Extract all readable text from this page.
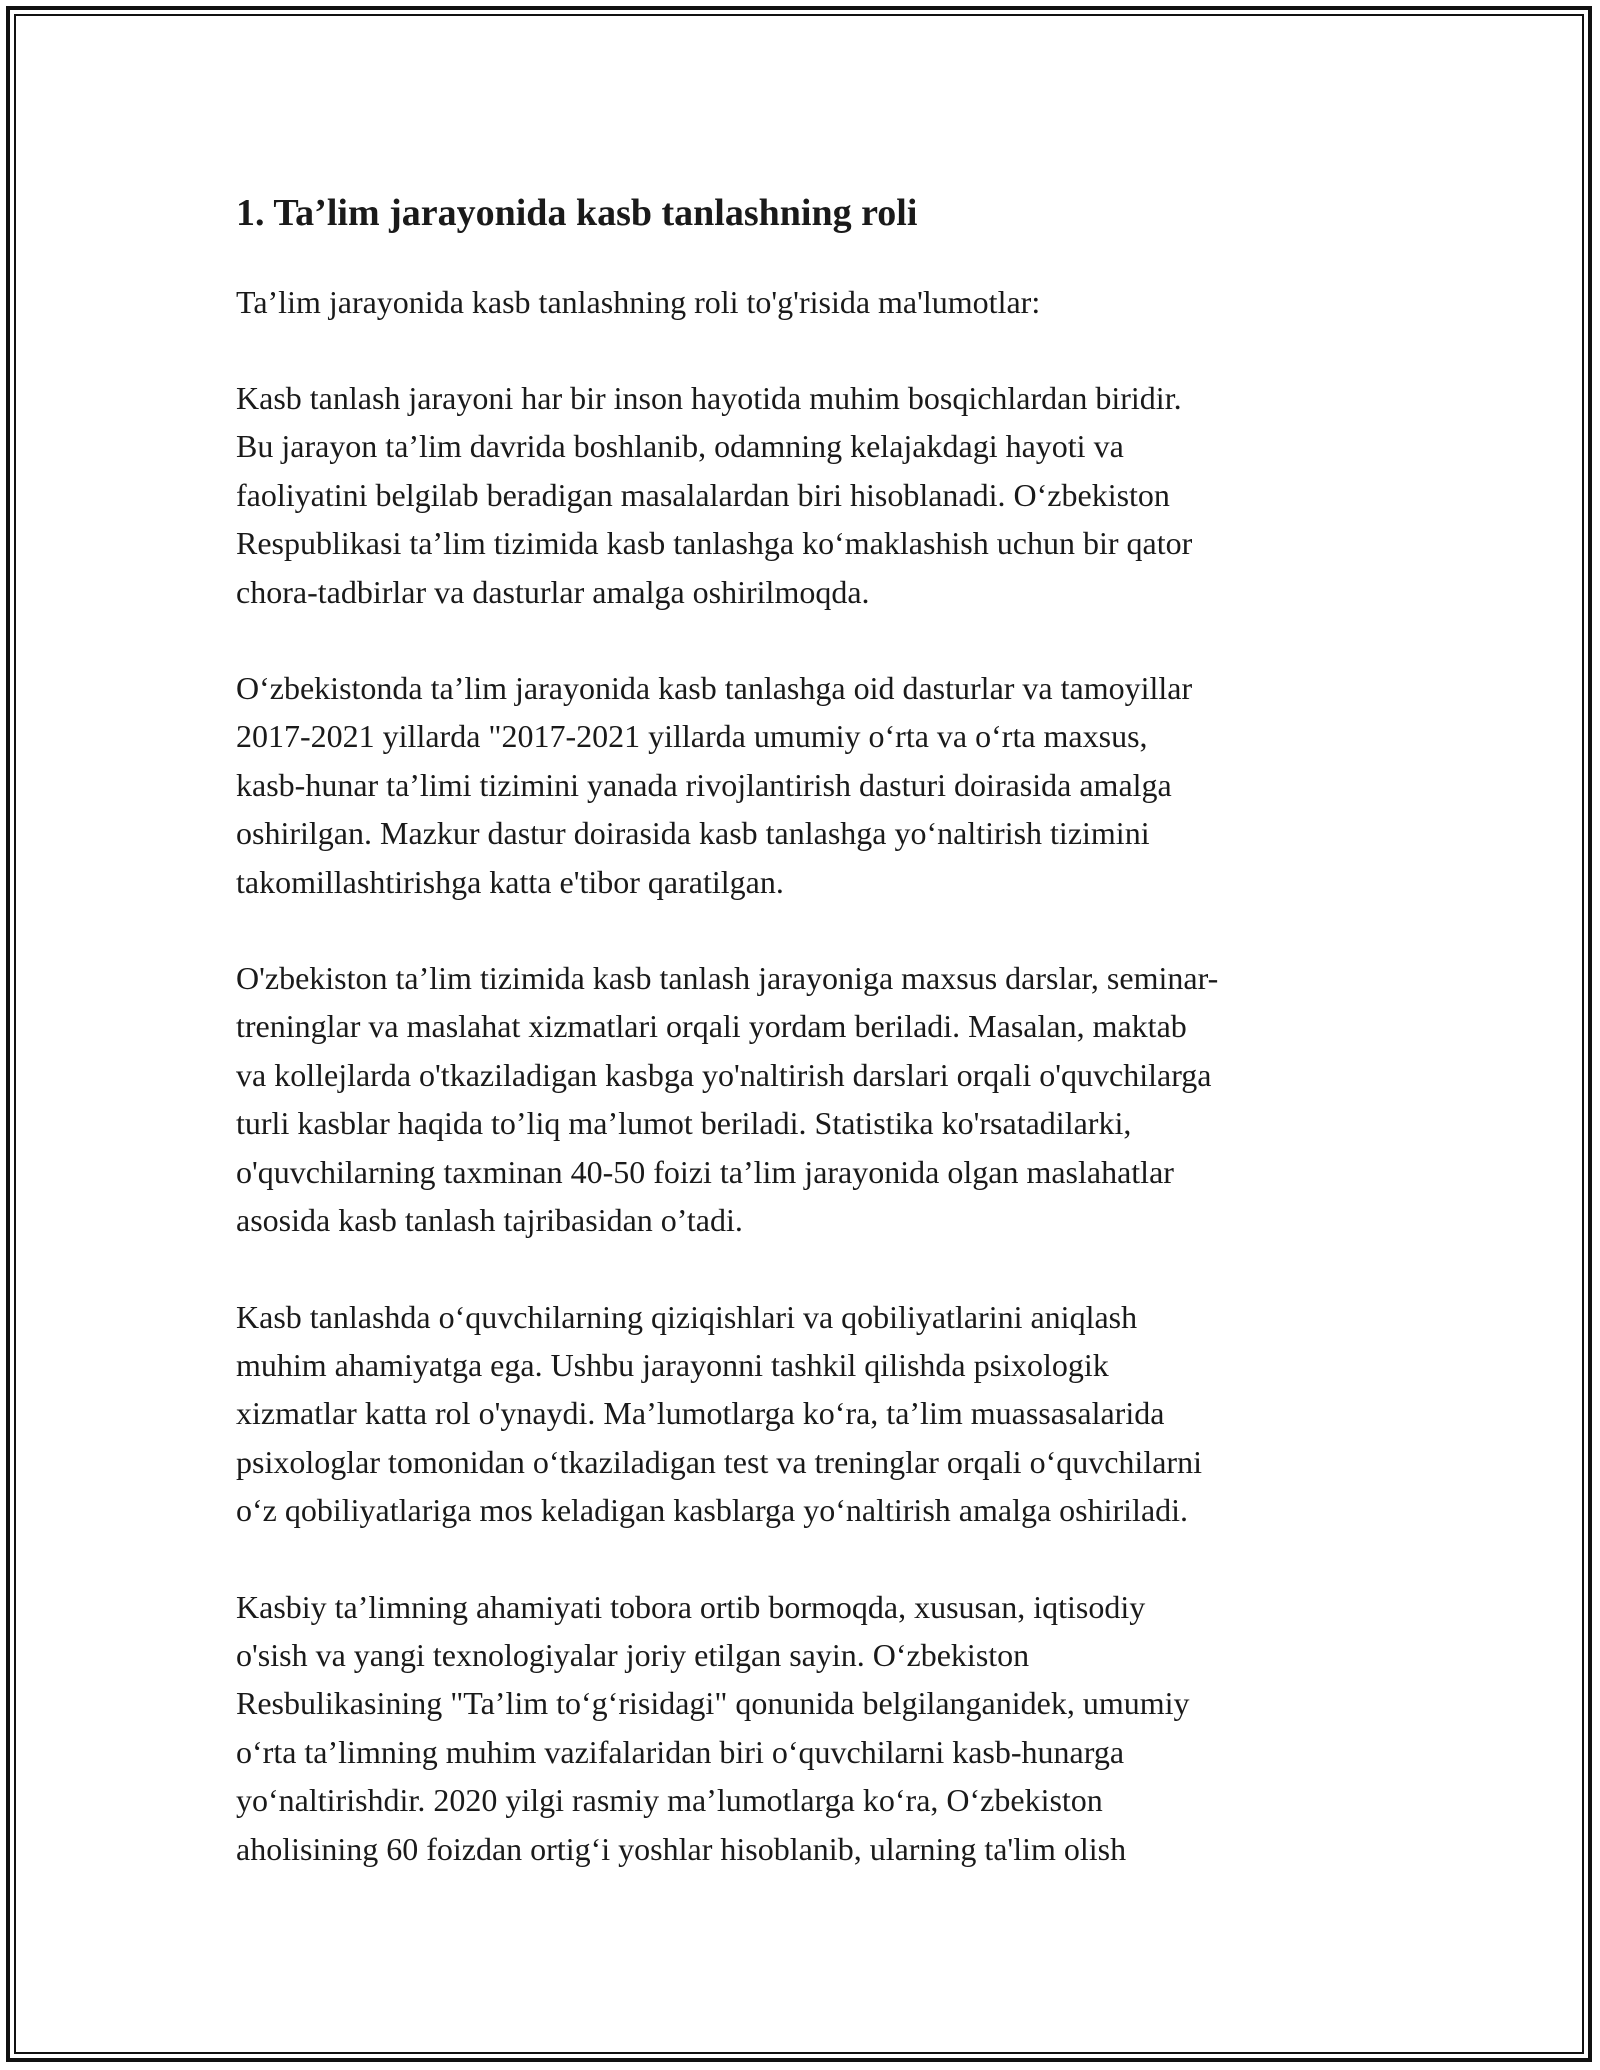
1. Ta’lim jarayonida kasb tanlashning roli

Ta’lim jarayonida kasb tanlashning roli to'g'risida ma'lumotlar:

Kasb tanlash jarayoni har bir inson hayotida muhim bosqichlardan biridir.
Bu jarayon ta’lim davrida boshlanib, odamning kelajakdagi hayoti va
faoliyatini belgilab beradigan masalalardan biri hisoblanadi. O‘zbekiston
Respublikasi ta’lim tizimida kasb tanlashga ko‘maklashish uchun bir qator
chora-tadbirlar va dasturlar amalga oshirilmoqda.

O‘zbekistonda ta’lim jarayonida kasb tanlashga oid dasturlar va tamoyillar
2017-2021 yillarda "2017-2021 yillarda umumiy o‘rta va o‘rta maxsus,
kasb-hunar ta’limi tizimini yanada rivojlantirish dasturi doirasida amalga
oshirilgan. Mazkur dastur doirasida kasb tanlashga yo‘naltirish tizimini
takomillashtirishga katta e'tibor qaratilgan.

O'zbekiston ta’lim tizimida kasb tanlash jarayoniga maxsus darslar, seminar-
treninglar va maslahat xizmatlari orqali yordam beriladi. Masalan, maktab
va kollejlarda o'tkaziladigan kasbga yo'naltirish darslari orqali o'quvchilarga
turli kasblar haqida to’liq ma’lumot beriladi. Statistika ko'rsatadilarki,
o'quvchilarning taxminan 40-50 foizi ta’lim jarayonida olgan maslahatlar
asosida kasb tanlash tajribasidan o’tadi.

Kasb tanlashda o‘quvchilarning qiziqishlari va qobiliyatlarini aniqlash
muhim ahamiyatga ega. Ushbu jarayonni tashkil qilishda psixologik
xizmatlar katta rol o'ynaydi. Ma’lumotlarga ko‘ra, ta’lim muassasalarida
psixologlar tomonidan o‘tkaziladigan test va treninglar orqali o‘quvchilarni
o‘z qobiliyatlariga mos keladigan kasblarga yo‘naltirish amalga oshiriladi.

Kasbiy ta’limning ahamiyati tobora ortib bormoqda, xususan, iqtisodiy
o'sish va yangi texnologiyalar joriy etilgan sayin. O‘zbekiston
Resbulikasining "Ta’lim to‘g‘risidagi" qonunida belgilanganidek, umumiy
o‘rta ta’limning muhim vazifalaridan biri o‘quvchilarni kasb-hunarga
yo‘naltirishdir. 2020 yilgi rasmiy ma’lumotlarga ko‘ra, O‘zbekiston
aholisining 60 foizdan ortig‘i yoshlar hisoblanib, ularning ta'lim olish
